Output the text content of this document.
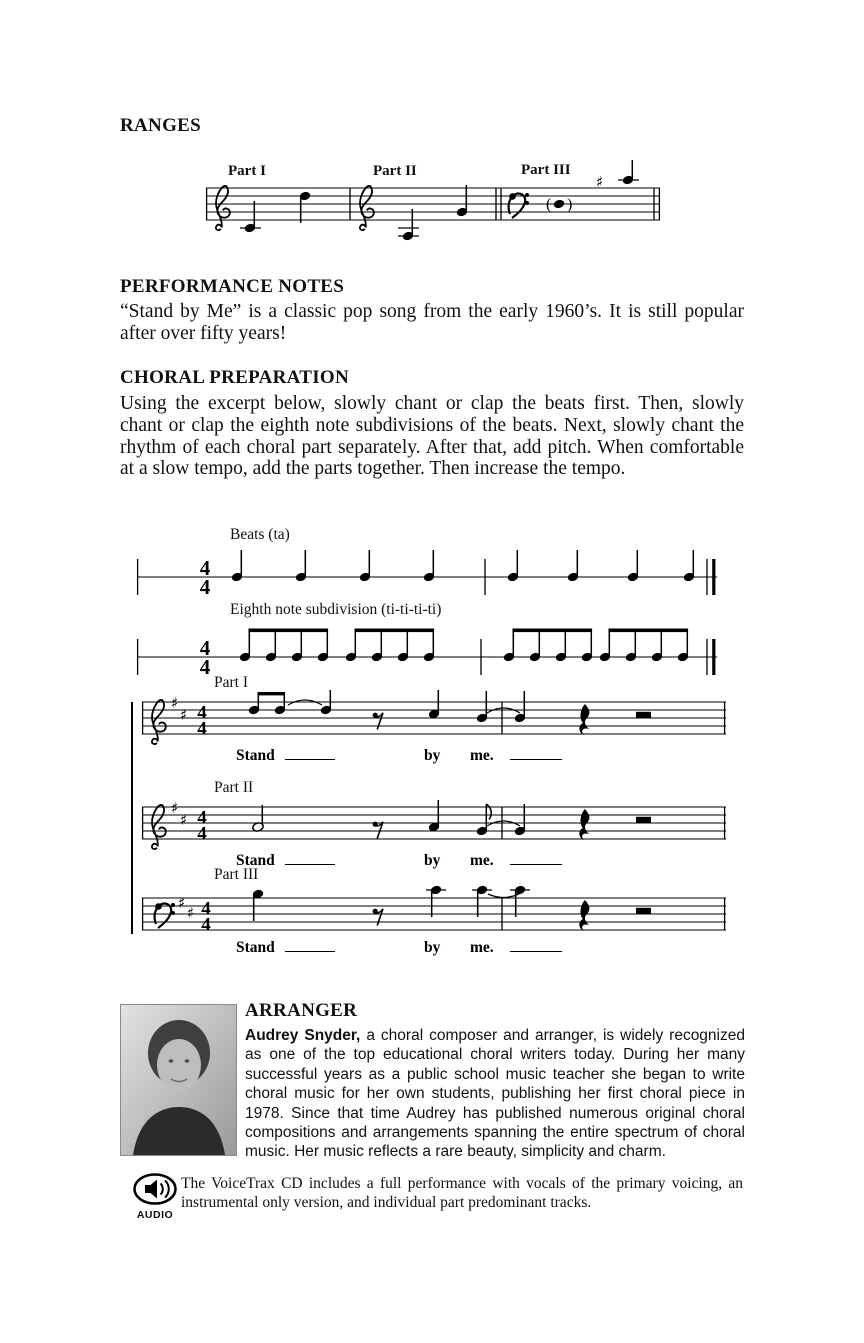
RANGES
Part I	Part II	Part III
( )
♯
PERFORMANCE NOTES

“Stand by Me” is a classic pop song from the early 1960’s. It is still popular after over fifty years!

CHORAL PREPARATION

Using the excerpt below, slowly chant or clap the beats first. Then, slowly chant or clap the eighth note subdivisions of the beats. Next, slowly chant the rhythm of each choral part separately. After that, add pitch. When comfortable at a slow tempo, add the parts together. Then increase the tempo.

Beats (ta)
4
4
Eighth note subdivision (ti-ti-ti-ti)
4
4
Part I
♯
♯ 4
4
Stand	by me.
Part II
♯
♯ 4
4
Stand	by me.
Part III
♯
♯ 4
4
Stand	by me.
ARRANGER

Audrey Snyder, a choral composer and arranger, is widely recognized as one of the top educational choral writers today. During her many successful years as a public school music teacher she began to write choral music for her own students, publishing her first choral piece in 1978. Since that time Audrey has published numerous original choral compositions and arrangements spanning the entire spectrum of choral music. Her music reflects a rare beauty, simplicity and charm.

AUDIO

The VoiceTrax CD includes a full performance with vocals of the primary voicing, an instrumental only version, and individual part predominant tracks.
